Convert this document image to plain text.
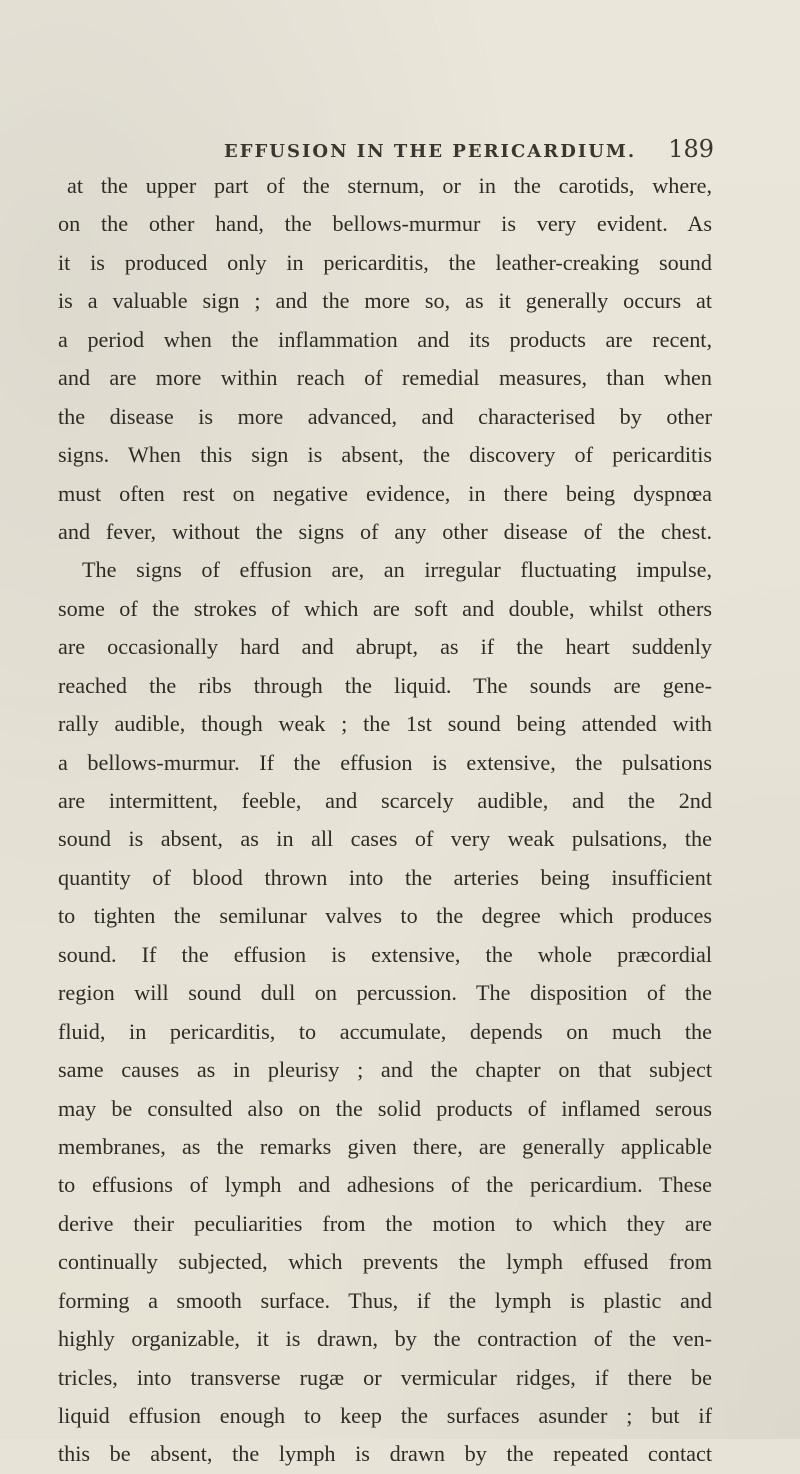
EFFUSION IN THE PERICARDIUM. 189
at the upper part of the sternum, or in the carotids, where,
on the other hand, the bellows-murmur is very evident. As
it is produced only in pericarditis, the leather-creaking sound
is a valuable sign ; and the more so, as it generally occurs at
a period when the inflammation and its products are recent,
and are more within reach of remedial measures, than when
the disease is more advanced, and characterised by other
signs. When this sign is absent, the discovery of pericarditis
must often rest on negative evidence, in there being dyspnœa
and fever, without the signs of any other disease of the chest.
The signs of effusion are, an irregular fluctuating impulse,
some of the strokes of which are soft and double, whilst others
are occasionally hard and abrupt, as if the heart suddenly
reached the ribs through the liquid. The sounds are gene-
rally audible, though weak ; the 1st sound being attended with
a bellows-murmur. If the effusion is extensive, the pulsations
are intermittent, feeble, and scarcely audible, and the 2nd
sound is absent, as in all cases of very weak pulsations, the
quantity of blood thrown into the arteries being insufficient
to tighten the semilunar valves to the degree which produces
sound. If the effusion is extensive, the whole præcordial
region will sound dull on percussion. The disposition of the
fluid, in pericarditis, to accumulate, depends on much the
same causes as in pleurisy ; and the chapter on that subject
may be consulted also on the solid products of inflamed serous
membranes, as the remarks given there, are generally applicable
to effusions of lymph and adhesions of the pericardium. These
derive their peculiarities from the motion to which they are
continually subjected, which prevents the lymph effused from
forming a smooth surface. Thus, if the lymph is plastic and
highly organizable, it is drawn, by the contraction of the ven-
tricles, into transverse rugæ or vermicular ridges, if there be
liquid effusion enough to keep the surfaces asunder ; but if
this be absent, the lymph is drawn by the repeated contact
